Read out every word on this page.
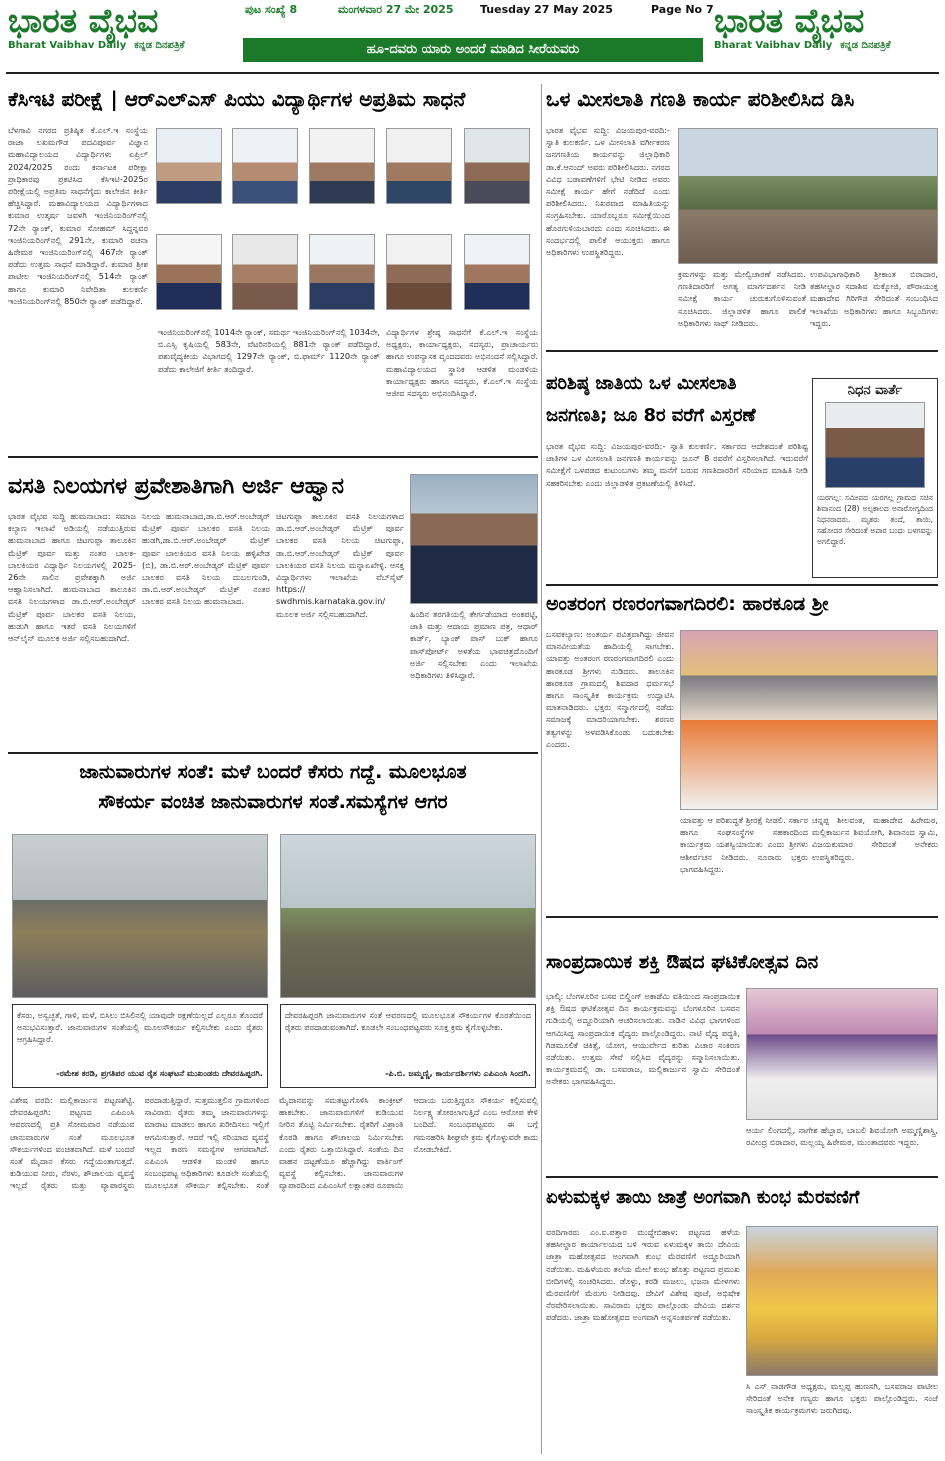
ಭಾರತ ವೈಭವ
Bharat Vaibhav Daily ಕನ್ನಡ ದಿನಪತ್ರಿಕೆ
ಪುಟ ಸಂಖ್ಯೆ 8	ಮಂಗಳವಾರ 27 ಮೇ 2025 Tuesday 27 May 2025	Page No 7
ಹೂ-ದವರು ಯಾರು ಅಂದರೆ ಮಾಡಿದ ಸೀರೆಯವರು
ಭಾರತ ವೈಭವ
Bharat Vaibhav Daily ಕನ್ನಡ ದಿನಪತ್ರಿಕೆ
ಕೆಸಿಇಟಿ ಪರೀಕ್ಷೆ | ಆರ್‌ಎಲ್‌ಎಸ್ ಪಿಯು ವಿದ್ಯಾರ್ಥಿಗಳ ಅಪ್ರತಿಮ ಸಾಧನೆ
ಬೆಳಗಾವಿ ನಗರದ ಪ್ರತಿಷ್ಠಿತ ಕೆ.ಎಲ್.ಇ ಸಂಸ್ಥೆಯ ರಾಜಾ ಲಖಮಗೌಡ ಪದವಿಪೂರ್ವ ವಿಜ್ಞಾನ ಮಹಾವಿದ್ಯಾಲಯದ ವಿದ್ಯಾರ್ಥಿಗಳು ಏಪ್ರಿಲ್ 2024/2025 ರಂದು ಕರ್ನಾಟಕ ಪರೀಕ್ಷಾ ಪ್ರಾಧಿಕಾರವು ಪ್ರಕಟಿಸಿದ ಕೆಸಿಇಟಿ-2025ರ ಪರೀಕ್ಷೆಯಲ್ಲಿ ಅಪ್ರತಿಮ ಸಾಧನೆಗೈದು ಕಾಲೇಜಿನ ಕೀರ್ತಿ ಹೆಚ್ಚಿಸಿದ್ದಾರೆ. ಮಹಾವಿದ್ಯಾಲಯದ ವಿದ್ಯಾರ್ಥಿಗಳಾದ ಕುಮಾರ ಉತ್ಕರ್ಷ ಜವಳಗಿ ಇಂಜಿನಿಯರಿಂಗ್‌ನಲ್ಲಿ 72ನೇ ರ್‍ಯಾಂಕ್, ಕುಮಾರ ಸೋಹಮ್ ಸಿದ್ದನ್ನವರ ಇಂಜಿನಿಯರಿಂಗ್‌ನಲ್ಲಿ 291ನೇ, ಕುಮಾರಿ ರಚನಾ ಹಿರೇಮಠ ಇಂಜಿನಿಯರಿಂಗ್‌ನಲ್ಲಿ 467ನೇ ರ್‍ಯಾಂಕ್ ಪಡೆದು ಉತ್ತಮ ಸಾಧನೆ ಮಾಡಿದ್ದಾರೆ. ಕುಮಾರ ಶ್ರೀಶ ಪಾಟೀಲ ಇಂಜಿನಿಯರಿಂಗ್‌ನಲ್ಲಿ 514ನೇ ರ್‍ಯಾಂಕ್ ಹಾಗೂ ಕುಮಾರಿ ನಿವೇದಿತಾ ಕುಲಕರ್ಣಿ ಇಂಜಿನಿಯರಿಂಗ್‌ನಲ್ಲಿ 850ನೇ ರ್‍ಯಾಂಕ್ ಪಡೆದಿದ್ದಾರೆ.
ಇಂಜಿನಿಯರಿಂಗ್‌ನಲ್ಲಿ 1014ನೇ ರ್‍ಯಾಂಕ್, ಸಮರ್ಥ ಇಂಜಿನಿಯರಿಂಗ್‌ನಲ್ಲಿ 1034ನೇ, ಬಿ.ಎಸ್ಸಿ ಕೃಷಿಯಲ್ಲಿ 583ನೇ, ವೆಟರಿನರಿಯಲ್ಲಿ 881ನೇ ರ್‍ಯಾಂಕ್ ಪಡೆದಿದ್ದಾರೆ. ಪಶುವೈದ್ಯಕೀಯ ವಿಭಾಗದಲ್ಲಿ 1297ನೇ ರ್‍ಯಾಂಕ್, ಬಿ.ಫಾರ್ಮ್ 1120ನೇ ರ್‍ಯಾಂಕ್ ಪಡೆದು ಕಾಲೇಜಿಗೆ ಕೀರ್ತಿ ತಂದಿದ್ದಾರೆ.
ವಿದ್ಯಾರ್ಥಿಗಳ ಶ್ರೇಷ್ಠ ಸಾಧನೆಗೆ ಕೆ.ಎಲ್.ಇ ಸಂಸ್ಥೆಯ ಅಧ್ಯಕ್ಷರು, ಕಾರ್ಯಾಧ್ಯಕ್ಷರು, ಸದಸ್ಯರು, ಪ್ರಾಚಾರ್ಯರು ಹಾಗೂ ಉಪನ್ಯಾಸಕ ವೃಂದದವರು ಅಭಿನಂದನೆ ಸಲ್ಲಿಸಿದ್ದಾರೆ. ಮಹಾವಿದ್ಯಾಲಯದ ಸ್ಥಾನಿಕ ಆಡಳಿತ ಮಂಡಳಿಯ ಕಾರ್ಯಾಧ್ಯಕ್ಷರು ಹಾಗೂ ಸದಸ್ಯರು, ಕೆ.ಎಲ್.ಇ ಸಂಸ್ಥೆಯ ಆಜೀವ ಸದಸ್ಯರು ಅಭಿನಂದಿಸಿದ್ದಾರೆ.
ವಸತಿ ನಿಲಯಗಳ ಪ್ರವೇಶಾತಿಗಾಗಿ ಅರ್ಜಿ ಆಹ್ವಾನ
ಭಾರತ ವೈಭವ ಸುದ್ದಿ ಹುಮನಾಬಾದ: ಸಮಾಜ ಕಲ್ಯಾಣ ಇಲಾಖೆ ಅಡಿಯಲ್ಲಿ ನಡೆಯುತ್ತಿರುವ ಹುಮನಾಬಾದ ಹಾಗೂ ಚಿಟಗುಪ್ಪಾ ತಾಲೂಕಿನ ಮೆಟ್ರಿಕ್ ಪೂರ್ವ ಮತ್ತು ನಂತರ ಬಾಲಕ-ಬಾಲಕಿಯರ ವಿದ್ಯಾರ್ಥಿ ನಿಲಯಗಳಲ್ಲಿ 2025-26ನೇ ಸಾಲಿನ ಪ್ರವೇಶಕ್ಕಾಗಿ ಅರ್ಜಿ ಆಹ್ವಾನಿಸಲಾಗಿದೆ. ಹುಮನಾಬಾದ ತಾಲೂಕಿನ ವಸತಿ ನಿಲಯಗಳಾದ ಡಾ.ಬಿ.ಆರ್.ಅಂಬೇಡ್ಕರ್ ಮೆಟ್ರಿಕ್ ಪೂರ್ವ ಬಾಲಕರ ವಸತಿ ನಿಲಯ, ಹುಡುಗಿ ಹಾಗೂ ಇತರೆ ವಸತಿ ನಿಲಯಗಳಿಗೆ ಆನ್‌ಲೈನ್ ಮೂಲಕ ಅರ್ಜಿ ಸಲ್ಲಿಸಬಹುದಾಗಿದೆ.
ನಿಲಯ ಹುಮನಾಬಾದ,ಡಾ.ಬಿ.ಆರ್.ಅಂಬೇಡ್ಕರ್ ಮೆಟ್ರಿಕ್ ಪೂರ್ವ ಬಾಲಕರ ವಸತಿ ನಿಲಯ ಹುಡಗಿ,ಡಾ.ಬಿ.ಆರ್.ಅಂಬೇಡ್ಕರ್ ಮೆಟ್ರಿಕ್ ಪೂರ್ವ ಬಾಲಕಿಯರ ವಸತಿ ನಿಲಯ ಹಳ್ಳಿಖೇಡ (ಬಿ), ಡಾ.ಬಿ.ಆರ್.ಅಂಬೇಡ್ಕರ್ ಮೆಟ್ರಿಕ್ ಪೂರ್ವ ಬಾಲಕರ ವಸತಿ ನಿಲಯ ದುಬಲಗುಂಡಿ, ಡಾ.ಬಿ.ಆರ್.ಅಂಬೇಡ್ಕರ್ ಮೆಟ್ರಿಕ್ ನಂತರ ಬಾಲಕರ ವಸತಿ ನಿಲಯ ಹುಮನಾಬಾದ.
ಚಿಟಗುಪ್ಪಾ ತಾಲೂಕಿನ ವಸತಿ ನಿಲಯಗಳಾದ ಡಾ.ಬಿ.ಆರ್.ಅಂಬೇಡ್ಕರ್ ಮೆಟ್ರಿಕ್ ಪೂರ್ವ ಬಾಲಕರ ವಸತಿ ನಿಲಯ ಚಿಟಗುಪ್ಪಾ, ಡಾ.ಬಿ.ಆರ್.ಅಂಬೇಡ್ಕರ್ ಮೆಟ್ರಿಕ್ ಪೂರ್ವ ಬಾಲಕಿಯರ ವಸತಿ ನಿಲಯ ಮನ್ನಾಏಖೇಳ್ಳಿ. ಆಸಕ್ತ ವಿದ್ಯಾರ್ಥಿಗಳು ಇಲಾಖೆಯ ವೆಬ್‌ಸೈಟ್ https:// swdhmis.karnataka.gov.in/ ಮೂಲಕ ಅರ್ಜಿ ಸಲ್ಲಿಸಬಹುದಾಗಿದೆ.	ಹಿಂದಿನ ತರಗತಿಯಲ್ಲಿ ತೇರ್ಗಡೆಯಾದ ಅಂಕಪಟ್ಟಿ, ಜಾತಿ ಮತ್ತು ಆದಾಯ ಪ್ರಮಾಣ ಪತ್ರ, ಆಧಾರ್ ಕಾರ್ಡ್, ಬ್ಯಾಂಕ್ ಪಾಸ್ ಬುಕ್ ಹಾಗೂ ಪಾಸ್‌ಪೋರ್ಟ್ ಅಳತೆಯ ಭಾವಚಿತ್ರದೊಂದಿಗೆ ಅರ್ಜಿ ಸಲ್ಲಿಸಬೇಕು ಎಂದು ಇಲಾಖೆಯ ಅಧಿಕಾರಿಗಳು ತಿಳಿಸಿದ್ದಾರೆ.
ಜಾನುವಾರುಗಳ ಸಂತೆ: ಮಳೆ ಬಂದರೆ ಕೆಸರು ಗದ್ದೆ. ಮೂಲಭೂತ
ಸೌಕರ್ಯ ವಂಚಿತ ಜಾನುವಾರುಗಳ ಸಂತೆ.ಸಮಸ್ಯೆಗಳ ಆಗರ
ಕೆಸರು, ಅಸ್ವಚ್ಛತೆ, ಗಾಳಿ, ಮಳೆ, ಬಿಸಿಲು ಬಿಸಿಲಿನಲ್ಲಿ ಯಾವುದೇ ರಕ್ಷಣೆಯಿಲ್ಲದೆ ಎಲ್ಲರೂ ತೊಂದರೆ ಅನುಭವಿಸುತ್ತಾರೆ. ಜಾನುವಾರುಗಳ ಸಂತೆಯಲ್ಲಿ ಮೂಲಸೌಕರ್ಯ ಕಲ್ಪಿಸಬೇಕು ಎಂದು ರೈತರು ಆಗ್ರಹಿಸಿದ್ದಾರೆ.
-ರಮೇಶ ಕರಡಿ, ಪ್ರಗತಿಪರ ಯುವ ರೈತ ಸಂಘಟನೆ ಮುಖಂಡರು ದೇವರಹಿಪ್ಪರಗಿ.
ದೇವರಹಿಪ್ಪರಗಿ ಜಾನುವಾರುಗಳ ಸಂತೆ ಆವರಣದಲ್ಲಿ ಮೂಲಭೂತ ಸೌಕರ್ಯಗಳ ಕೊರತೆಯಿಂದ ರೈತರು ಪರದಾಡುವಂತಾಗಿದೆ. ಕೂಡಲೇ ಸಂಬಂಧಪಟ್ಟವರು ಸೂಕ್ತ ಕ್ರಮ ಕೈಗೊಳ್ಳಬೇಕು.
-ಪಿ.ಬಿ. ಜಮ್ಮಣ್ಣಿ, ಕಾರ್ಯದರ್ಶಿಗಳು ಎಪಿಎಂಸಿ ಸಿಂದಗಿ.
ವಿಶೇಷ ವರದಿ: ಮಲ್ಲಿಕಾರ್ಜುನ ಪಟ್ಟಣಶೆಟ್ಟಿ. ದೇವರಹಿಪ್ಪರಗಿ: ಪಟ್ಟಣದ ಎಪಿಎಂಸಿ ಆವರಣದಲ್ಲಿ ಪ್ರತಿ ಸೋಮವಾರ ನಡೆಯುವ ಜಾನುವಾರುಗಳ ಸಂತೆ ಮೂಲಭೂತ ಸೌಕರ್ಯಗಳಿಂದ ವಂಚಿತವಾಗಿದೆ. ಮಳೆ ಬಂದರೆ ಸಂತೆ ಮೈದಾನ ಕೆಸರು ಗದ್ದೆಯಂತಾಗುತ್ತದೆ. ಕುಡಿಯುವ ನೀರು, ನೆರಳು, ಶೌಚಾಲಯ ವ್ಯವಸ್ಥೆ ಇಲ್ಲದೆ ರೈತರು ಮತ್ತು ವ್ಯಾಪಾರಸ್ಥರು ಪರದಾಡುತ್ತಿದ್ದಾರೆ. ಸುತ್ತಮುತ್ತಲಿನ ಗ್ರಾಮಗಳಿಂದ ಸಾವಿರಾರು ರೈತರು ತಮ್ಮ ಜಾನುವಾರುಗಳನ್ನು ಮಾರಾಟ ಮಾಡಲು ಹಾಗೂ ಖರೀದಿಸಲು ಇಲ್ಲಿಗೆ ಆಗಮಿಸುತ್ತಾರೆ. ಆದರೆ ಇಲ್ಲಿ ಸರಿಯಾದ ವ್ಯವಸ್ಥೆ ಇಲ್ಲದ ಕಾರಣ ಸಮಸ್ಯೆಗಳ ಆಗರವಾಗಿದೆ. ಎಪಿಎಂಸಿ ಆಡಳಿತ ಮಂಡಳಿ ಹಾಗೂ ಸಂಬಂಧಪಟ್ಟ ಅಧಿಕಾರಿಗಳು ಕೂಡಲೇ ಸಂತೆಯಲ್ಲಿ ಮೂಲಭೂತ ಸೌಕರ್ಯ ಕಲ್ಪಿಸಬೇಕು. ಸಂತೆ ಮೈದಾನವನ್ನು ಸಮತಟ್ಟುಗೊಳಿಸಿ ಕಾಂಕ್ರೀಟ್ ಹಾಕಬೇಕು. ಜಾನುವಾರುಗಳಿಗೆ ಕುಡಿಯುವ ನೀರಿನ ತೊಟ್ಟಿ ನಿರ್ಮಿಸಬೇಕು. ರೈತರಿಗೆ ವಿಶ್ರಾಂತಿ ಕೊಠಡಿ ಹಾಗೂ ಶೌಚಾಲಯ ನಿರ್ಮಿಸಬೇಕು ಎಂದು ರೈತರು ಒತ್ತಾಯಿಸಿದ್ದಾರೆ. ಸಂತೆಯ ದಿನ ವಾಹನ ದಟ್ಟಣೆಯೂ ಹೆಚ್ಚಾಗಿದ್ದು ಪಾರ್ಕಿಂಗ್ ವ್ಯವಸ್ಥೆ ಕಲ್ಪಿಸಬೇಕು. ಜಾನುವಾರುಗಳ ವ್ಯಾಪಾರದಿಂದ ಎಪಿಎಂಸಿಗೆ ಲಕ್ಷಾಂತರ ರೂಪಾಯಿ ಆದಾಯ ಬರುತ್ತಿದ್ದರೂ ಸೌಕರ್ಯ ಕಲ್ಪಿಸುವಲ್ಲಿ ನಿರ್ಲಕ್ಷ್ಯ ತೋರಲಾಗುತ್ತಿದೆ ಎಂಬ ಆರೋಪ ಕೇಳಿ ಬಂದಿದೆ. ಸಂಬಂಧಪಟ್ಟವರು ಈ ಬಗ್ಗೆ ಗಮನಹರಿಸಿ ಶೀಘ್ರವೇ ಕ್ರಮ ಕೈಗೊಳ್ಳುವರೇ ಕಾದು ನೋಡಬೇಕಿದೆ.
ಒಳ ಮೀಸಲಾತಿ ಗಣತಿ ಕಾರ್ಯ ಪರಿಶೀಲಿಸಿದ ಡಿಸಿ
ಭಾರತ ವೈಭವ ಸುದ್ದಿ: ವಿಜಯಪುರ-ವರದಿ:- ಸ್ವಾತಿ ಕುಲಕರ್ಣಿ. ಒಳ ಮೀಸಲಾತಿ ವರ್ಗೀಕರಣ ಜನಗಣತಿಯ ಕಾರ್ಯವನ್ನು ಜಿಲ್ಲಾಧಿಕಾರಿ ಡಾ.ಕೆ.ಆನಂದ್ ಅವರು ಪರಿಶೀಲಿಸಿದರು. ನಗರದ ವಿವಿಧ ಬಡಾವಣೆಗಳಿಗೆ ಭೇಟಿ ನೀಡಿದ ಅವರು ಸಮೀಕ್ಷೆ ಕಾರ್ಯ ಹೇಗೆ ನಡೆದಿದೆ ಎಂದು ಪರಿಶೀಲಿಸಿದರು. ನಿಖರವಾದ ಮಾಹಿತಿಯನ್ನು ಸಂಗ್ರಹಿಸಬೇಕು. ಯಾರೊಬ್ಬರೂ ಸಮೀಕ್ಷೆಯಿಂದ ಹೊರಗುಳಿಯಬಾರದು ಎಂದು ಸೂಚಿಸಿದರು. ಈ ಸಂದರ್ಭದಲ್ಲಿ ಪಾಲಿಕೆ ಆಯುಕ್ತರು ಹಾಗೂ ಅಧಿಕಾರಿಗಳು ಉಪಸ್ಥಿತರಿದ್ದರು.
ಕ್ರಮಗಳನ್ನು ಮತ್ತು ಮೇಲ್ವಿಚಾರಣೆ ನಡೆಸಿದರು. ಗಣತಿದಾರರಿಗೆ ಅಗತ್ಯ ಮಾರ್ಗದರ್ಶನ ನೀಡಿ ಸಮೀಕ್ಷೆ ಕಾರ್ಯ ಚುರುಕುಗೊಳಿಸುವಂತೆ ಸೂಚಿಸಿದರು. ಜಿಲ್ಲಾಡಳಿತ ಹಾಗೂ ಪಾಲಿಕೆ ಅಧಿಕಾರಿಗಳು ಸಾಥ್ ನೀಡಿದರು.
ಉಪವಿಭಾಗಾಧಿಕಾರಿ ಶ್ರೀಕಾಂತ ಬಿರಾದಾರ, ತಹಸೀಲ್ದಾರ ಸದಾಶಿವ ಮಕ್ಕೋಜಿ, ಪೌರಾಯುಕ್ತ ಮಹಾದೇವ ಗಿರಿಗೌಡ ಸೇರಿದಂತೆ ಸಂಬಂಧಿಸಿದ ಇಲಾಖೆಯ ಅಧಿಕಾರಿಗಳು ಹಾಗೂ ಸಿಬ್ಬಂದಿಗಳು ಇದ್ದರು.
ಪರಿಶಿಷ್ಠ ಜಾತಿಯ ಒಳ ಮೀಸಲಾತಿ
ಜನಗಣತಿ; ಜೂ 8ರ ವರೆಗೆ ವಿಸ್ತರಣೆ
ಭಾರತ ವೈಭವ ಸುದ್ದಿ: ವಿಜಯಪುರ-ವರದಿ:- ಸ್ವಾತಿ ಕುಲಕರ್ಣಿ. ಸರ್ಕಾರದ ಆದೇಶದಂತೆ ಪರಿಶಿಷ್ಟ ಜಾತಿಗಳ ಒಳ ಮೀಸಲಾತಿ ಜನಗಣತಿ ಕಾರ್ಯವನ್ನು ಜೂನ್ 8 ರವರೆಗೆ ವಿಸ್ತರಿಸಲಾಗಿದೆ. ಇದುವರೆಗೆ ಸಮೀಕ್ಷೆಗೆ ಒಳಪಡದ ಕುಟುಂಬಗಳು ತಮ್ಮ ಮನೆಗೆ ಬರುವ ಗಣತಿದಾರರಿಗೆ ಸರಿಯಾದ ಮಾಹಿತಿ ನೀಡಿ ಸಹಕರಿಸಬೇಕು ಎಂದು ಜಿಲ್ಲಾಡಳಿತ ಪ್ರಕಟಣೆಯಲ್ಲಿ ತಿಳಿಸಿದೆ.
ನಿಧನ ವಾರ್ತೆ
ಯರಗಲ್ಲ: ಸಮೀಪದ ಯರಗಲ್ಲ ಗ್ರಾಮದ ಸಚಿನ ಶಿವಾನಂದ (28) ಅಲ್ಪಕಾಲದ ಅನಾರೋಗ್ಯದಿಂದ ನಿಧನರಾದರು. ಮೃತರು ತಂದೆ, ತಾಯಿ, ಸಹೋದರ ಸೇರಿದಂತೆ ಅಪಾರ ಬಂಧು ಬಳಗವನ್ನು ಅಗಲಿದ್ದಾರೆ.
ಅಂತರಂಗ ರಣರಂಗವಾಗದಿರಲಿ: ಹಾರಕೂಡ ಶ್ರೀ
ಬಸವಕಲ್ಯಾಣ: ಅಂತರ್ಯ ಪವಿತ್ರವಾಗಿದ್ದು ಜೀವನ ಮಾನವೀಯತೆಯ ಹಾದಿಯಲ್ಲಿ ಸಾಗಬೇಕು. ಯಾವತ್ತು ಅಂತರಂಗ ರಣರಂಗವಾಗದಿರಲಿ ಎಂದು ಹಾರಕೂಡ ಶ್ರೀಗಳು ನುಡಿದರು. ತಾಲೂಕಿನ ಹಾರಕೂಡ ಗ್ರಾಮದಲ್ಲಿ ಶಿವದಾರ ಧರ್ಮಸಭೆ ಹಾಗೂ ಸಾಂಸ್ಕೃತಿಕ ಕಾರ್ಯಕ್ರಮ ಉದ್ಘಾಟಿಸಿ ಮಾತನಾಡಿದರು. ಭಕ್ತರು ಸನ್ಮಾರ್ಗದಲ್ಲಿ ನಡೆದು ಸಮಾಜಕ್ಕೆ ಮಾದರಿಯಾಗಬೇಕು. ಶರಣರ ತತ್ವಗಳನ್ನು ಅಳವಡಿಸಿಕೊಂಡು ಬದುಕಬೇಕು ಎಂದರು.
ಯಾವತ್ತು ಆ ಪರಿಶುದ್ಧತೆ ಶ್ರೀರಕ್ಷೆ ನೀಡಲಿ. ಸರ್ಕಾರ ಹಾಗೂ ಸಂಘಸಂಸ್ಥೆಗಳ ಸಹಕಾರದಿಂದ ಕಾರ್ಯಕ್ರಮ ಯಶಸ್ವಿಯಾಯಿತು ಎಂದು ಶ್ರೀಗಳು ಆಶೀರ್ವಚನ ನೀಡಿದರು. ನೂರಾರು ಭಕ್ತರು ಭಾಗವಹಿಸಿದ್ದರು.
ಚನ್ನಪ್ಪ ಶೀಲವಂತ, ಮಹಾದೇವ ಹಿರೇಮಠ, ಮಲ್ಲಿಕಾರ್ಜುನ ಶಿವಯೋಗಿ, ಶಿವಾನಂದ ಸ್ವಾಮಿ, ವಿಜಯಕುಮಾರ ಸೇರಿದಂತೆ ಅನೇಕರು ಉಪಸ್ಥಿತರಿದ್ದರು.
ಸಾಂಪ್ರದಾಯಿಕ ಶಕ್ತಿ ಔಷದ ಘಟಿಕೋತ್ಸವ ದಿನ
ಭಾಲ್ಕಿ: ಬೆಂಗಳೂರಿನ ಬಸವ ಬಿಲ್ಡಿಂಗ್ ಅಕಾಡೆಮಿ ವತಿಯಿಂದ ಸಾಂಪ್ರದಾಯಿಕ ಶಕ್ತಿ ಔಷದ ಘಟಿಕೋತ್ಸವ ದಿನ ಕಾರ್ಯಕ್ರಮವನ್ನು ಬೆಂಗಳೂರಿನ ಬಸವನ ಗುಡಿಯಲ್ಲಿ ಅದ್ದೂರಿಯಾಗಿ ಆಚರಿಸಲಾಯಿತು. ನಾಡಿನ ವಿವಿಧ ಭಾಗಗಳಿಂದ ಆಗಮಿಸಿದ್ದ ಸಾಂಪ್ರದಾಯಿಕ ವೈದ್ಯರು ಪಾಲ್ಗೊಂಡಿದ್ದರು. ನಾಟಿ ವೈದ್ಯ ಪದ್ಧತಿ, ಗಿಡಮೂಲಿಕೆ ಚಿಕಿತ್ಸೆ, ಯೋಗ, ಆಯುರ್ವೇದ ಕುರಿತು ವಿಚಾರ ಸಂಕಿರಣ ನಡೆಯಿತು. ಉತ್ತಮ ಸೇವೆ ಸಲ್ಲಿಸಿದ ವೈದ್ಯರನ್ನು ಸನ್ಮಾನಿಸಲಾಯಿತು. ಕಾರ್ಯಕ್ರಮದಲ್ಲಿ ಡಾ. ಬಸವರಾಜ, ಮಲ್ಲಿಕಾರ್ಜುನ ಸ್ವಾಮಿ ಸೇರಿದಂತೆ ಅನೇಕರು ಭಾಗವಹಿಸಿದ್ದರು.
ಆರ್ಯ ಲಿಂಗದಲ್ಲಿ, ನಾಗೇಶ ಹೆಬ್ಬಾರ, ಬಾಬಲಿ ಶಿವಯೋಗಿ ಅಮ್ಮಣ್ಣಿಶಾಸ್ತ್ರಿ, ರವೀಂದ್ರ ಬಿರಾದಾರ, ಮಲ್ಲಯ್ಯ ಹಿರೇಮಠ, ಮುಂತಾದವರು ಇದ್ದರು.
ಏಳುಮಕ್ಕಳ ತಾಯಿ ಜಾತ್ರೆ ಅಂಗವಾಗಿ ಕುಂಭ ಮೆರವಣಿಗೆ
ವರದಿಗಾರರು ಎಂ.ಐ.ಪತ್ತಾರ ಮುದ್ದೇಬಿಹಾಳ: ಪಟ್ಟಣದ ಹಳೆಯ ತಹಸೀಲ್ದಾರ ಕಾರ್ಯಾಲಯದ ಬಳಿ ಇರುವ ಏಳುಮಕ್ಕಳ ತಾಯಿ ದೇವಿಯ ಜಾತ್ರಾ ಮಹೋತ್ಸವದ ಅಂಗವಾಗಿ ಕುಂಭ ಮೆರವಣಿಗೆ ಅದ್ದೂರಿಯಾಗಿ ನಡೆಯಿತು. ಮಹಿಳೆಯರು ತಲೆಯ ಮೇಲೆ ಕುಂಭ ಹೊತ್ತು ಪಟ್ಟಣದ ಪ್ರಮುಖ ಬೀದಿಗಳಲ್ಲಿ ಸಂಚರಿಸಿದರು. ಡೊಳ್ಳು, ಕರಡಿ ಮಜಲು, ಭಜನಾ ಮೇಳಗಳು ಮೆರವಣಿಗೆಗೆ ಮೆರುಗು ನೀಡಿದವು. ದೇವಿಗೆ ವಿಶೇಷ ಪೂಜೆ, ಅಭಿಷೇಕ ನೆರವೇರಿಸಲಾಯಿತು. ಸಾವಿರಾರು ಭಕ್ತರು ಪಾಲ್ಗೊಂಡು ದೇವಿಯ ದರ್ಶನ ಪಡೆದರು. ಜಾತ್ರಾ ಮಹೋತ್ಸವದ ಅಂಗವಾಗಿ ಅನ್ನಸಂತರ್ಪಣೆ ನಡೆಯಿತು.
ಸಿ ಎಸ್ ನಾಡಗೌಡ ಅಧ್ಯಕ್ಷರು, ಮಲ್ಲಪ್ಪ ಹುಣಸಗಿ, ಬಸವರಾಜ ಪಾಟೀಲ ಸೇರಿದಂತೆ ಅನೇಕ ಗಣ್ಯರು ಹಾಗೂ ಭಕ್ತರು ಪಾಲ್ಗೊಂಡಿದ್ದರು. ಸಂಜೆ ಸಾಂಸ್ಕೃತಿಕ ಕಾರ್ಯಕ್ರಮಗಳು ಜರುಗಿದವು.
